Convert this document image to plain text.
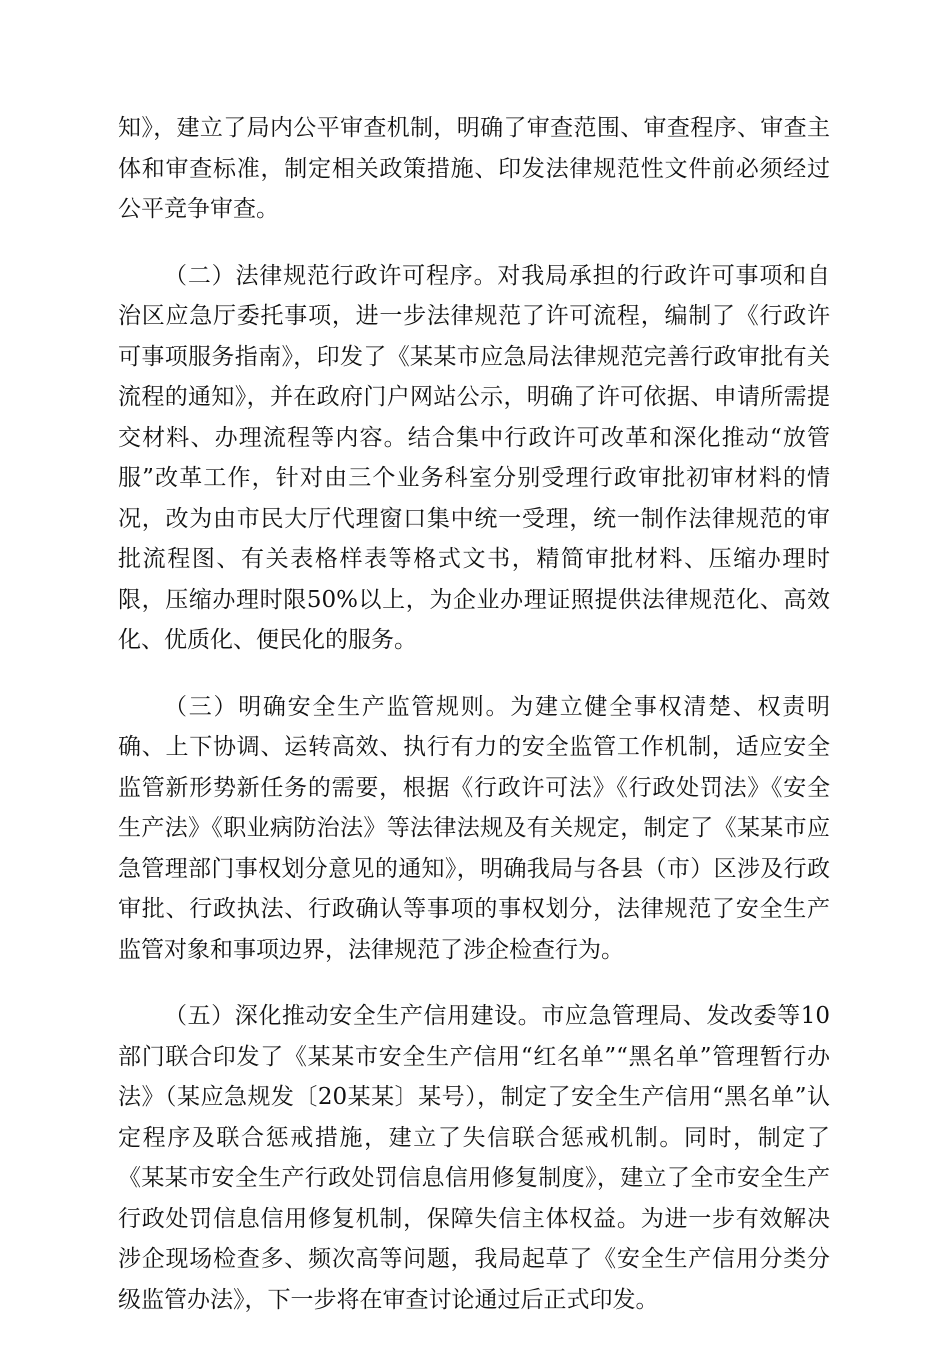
知》，建立了局内公平审查机制，明确了审查范围、审查程序、审查主体和审查标准，制定相关政策措施、印发法律规范性文件前必须经过公平竞争审查。

（二）法律规范行政许可程序。对我局承担的行政许可事项和自治区应急厅委托事项，进一步法律规范了许可流程，编制了《行政许可事项服务指南》，印发了《某某市应急局法律规范完善行政审批有关流程的通知》，并在政府门户网站公示，明确了许可依据、申请所需提交材料、办理流程等内容。结合集中行政许可改革和深化推动“放管服”改革工作，针对由三个业务科室分别受理行政审批初审材料的情况，改为由市民大厅代理窗口集中统一受理，统一制作法律规范的审批流程图、有关表格样表等格式文书，精简审批材料、压缩办理时限，压缩办理时限50%以上，为企业办理证照提供法律规范化、高效化、优质化、便民化的服务。

（三）明确安全生产监管规则。为建立健全事权清楚、权责明确、上下协调、运转高效、执行有力的安全监管工作机制，适应安全监管新形势新任务的需要，根据《行政许可法》《行政处罚法》《安全生产法》《职业病防治法》等法律法规及有关规定，制定了《某某市应急管理部门事权划分意见的通知》，明确我局与各县（市）区涉及行政审批、行政执法、行政确认等事项的事权划分，法律规范了安全生产监管对象和事项边界，法律规范了涉企检查行为。

（五）深化推动安全生产信用建设。市应急管理局、发改委等10部门联合印发了《某某市安全生产信用“红名单”“黑名单”管理暂行办法》（某应急规发〔20某某〕某号），制定了安全生产信用“黑名单”认定程序及联合惩戒措施，建立了失信联合惩戒机制。同时，制定了《某某市安全生产行政处罚信息信用修复制度》，建立了全市安全生产行政处罚信息信用修复机制，保障失信主体权益。为进一步有效解决涉企现场检查多、频次高等问题，我局起草了《安全生产信用分类分级监管办法》，下一步将在审查讨论通过后正式印发。
